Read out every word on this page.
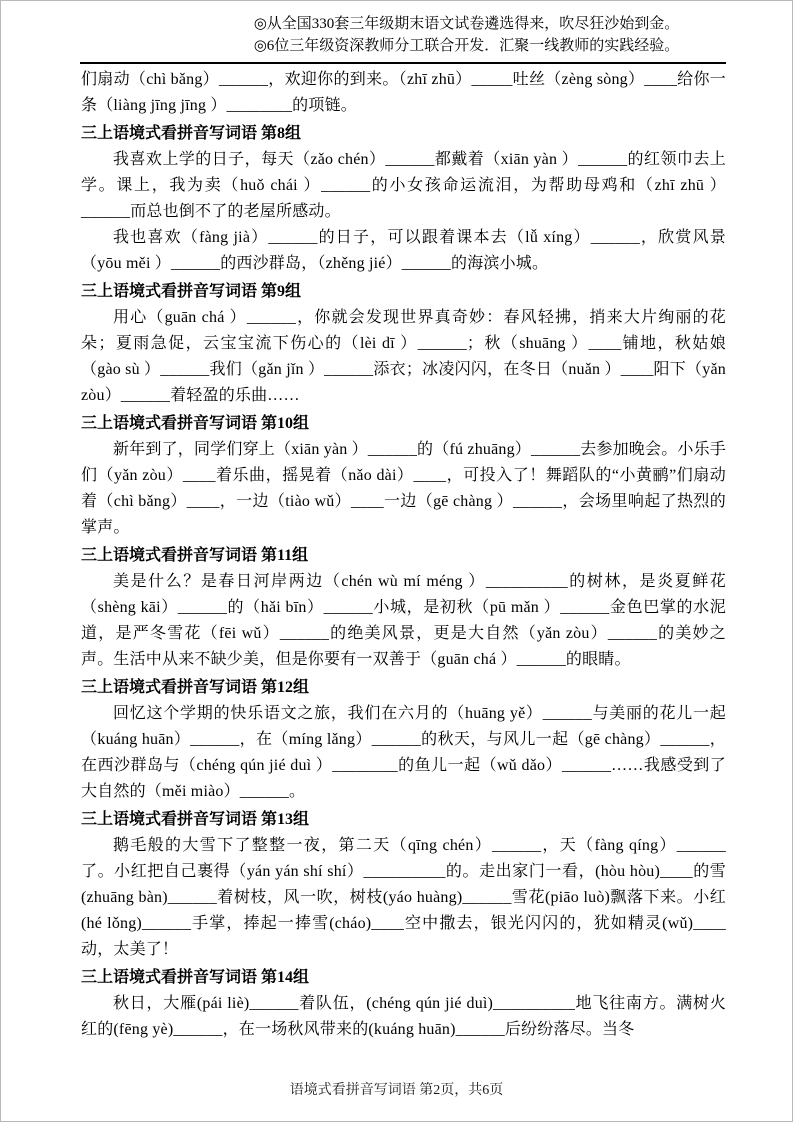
◎从全国330套三年级期末语文试卷遴选得来，吹尽狂沙始到金。
◎6位三年级资深教师分工联合开发．汇聚一线教师的实践经验。

们扇动（chì bǎng）______，欢迎你的到来。（zhī zhū）_____吐丝（zèng sòng）____给你一条（liàng jīng jīng ）________的项链。

三上语境式看拼音写词语 第8组

我喜欢上学的日子，每天（zǎo chén）______都戴着（xiān yàn ）______的红领巾去上学。课上，我为卖（huǒ chái ）______的小女孩命运流泪，为帮助母鸡和（zhī zhū ）______而总也倒不了的老屋所感动。

我也喜欢（fàng jià）______的日子，可以跟着课本去（lǚ xíng）______，欣赏风景（yōu měi ）______的西沙群岛，（zhěng jié）______的海滨小城。

三上语境式看拼音写词语 第9组

用心（guān chá ）______，你就会发现世界真奇妙：春风轻拂，捎来大片绚丽的花朵；夏雨急促，云宝宝流下伤心的（lèi dī ）______；秋（shuāng ）____铺地，秋姑娘（gào sù ）______我们（gǎn jǐn ）______添衣；冰凌闪闪，在冬日（nuǎn ）____阳下（yǎn zòu）______着轻盈的乐曲……

三上语境式看拼音写词语 第10组

新年到了，同学们穿上（xiān yàn ）______的（fú zhuāng）______去参加晚会。小乐手们（yǎn zòu）____着乐曲，摇晃着（nǎo dài）____，可投入了！舞蹈队的“小黄鹂”们扇动着（chì bǎng）____，一边（tiào wǔ）____一边（gē chàng ）______，会场里响起了热烈的掌声。

三上语境式看拼音写词语 第11组

美是什么？是春日河岸两边（chén wù mí méng ）__________的树林，是炎夏鲜花（shèng kāi）______的（hǎi bīn）______小城，是初秋（pū mǎn ）______金色巴掌的水泥道，是严冬雪花（fēi wǔ）______的绝美风景，更是大自然（yǎn zòu）______的美妙之声。生活中从来不缺少美，但是你要有一双善于（guān chá ）______的眼睛。

三上语境式看拼音写词语 第12组

回忆这个学期的快乐语文之旅，我们在六月的（huāng yě）______与美丽的花儿一起（kuáng huān）______，在（míng lǎng）______的秋天，与风儿一起（gē chàng）______，在西沙群岛与（chéng qún jié duì ）________的鱼儿一起（wǔ dǎo）______……我感受到了大自然的（měi miào）______。

三上语境式看拼音写词语 第13组

鹅毛般的大雪下了整整一夜，第二天（qīng chén）______，天（fàng qíng）______了。小红把自己裹得（yán yán shí shí）__________的。走出家门一看，(hòu hòu)____的雪(zhuāng bàn)______着树枝，风一吹，树枝(yáo huàng)______雪花(piāo luò)飘落下来。小红(hé lǒng)______手掌，捧起一捧雪(cháo)____空中撒去，银光闪闪的，犹如精灵(wǔ)____动，太美了！

三上语境式看拼音写词语 第14组

秋日，大雁(pái liè)______着队伍，(chéng qún jié duì)__________地飞往南方。满树火红的(fēng yè)______，在一场秋风带来的(kuáng huān)______后纷纷落尽。当冬

语境式看拼音写词语 第2页，共6页
